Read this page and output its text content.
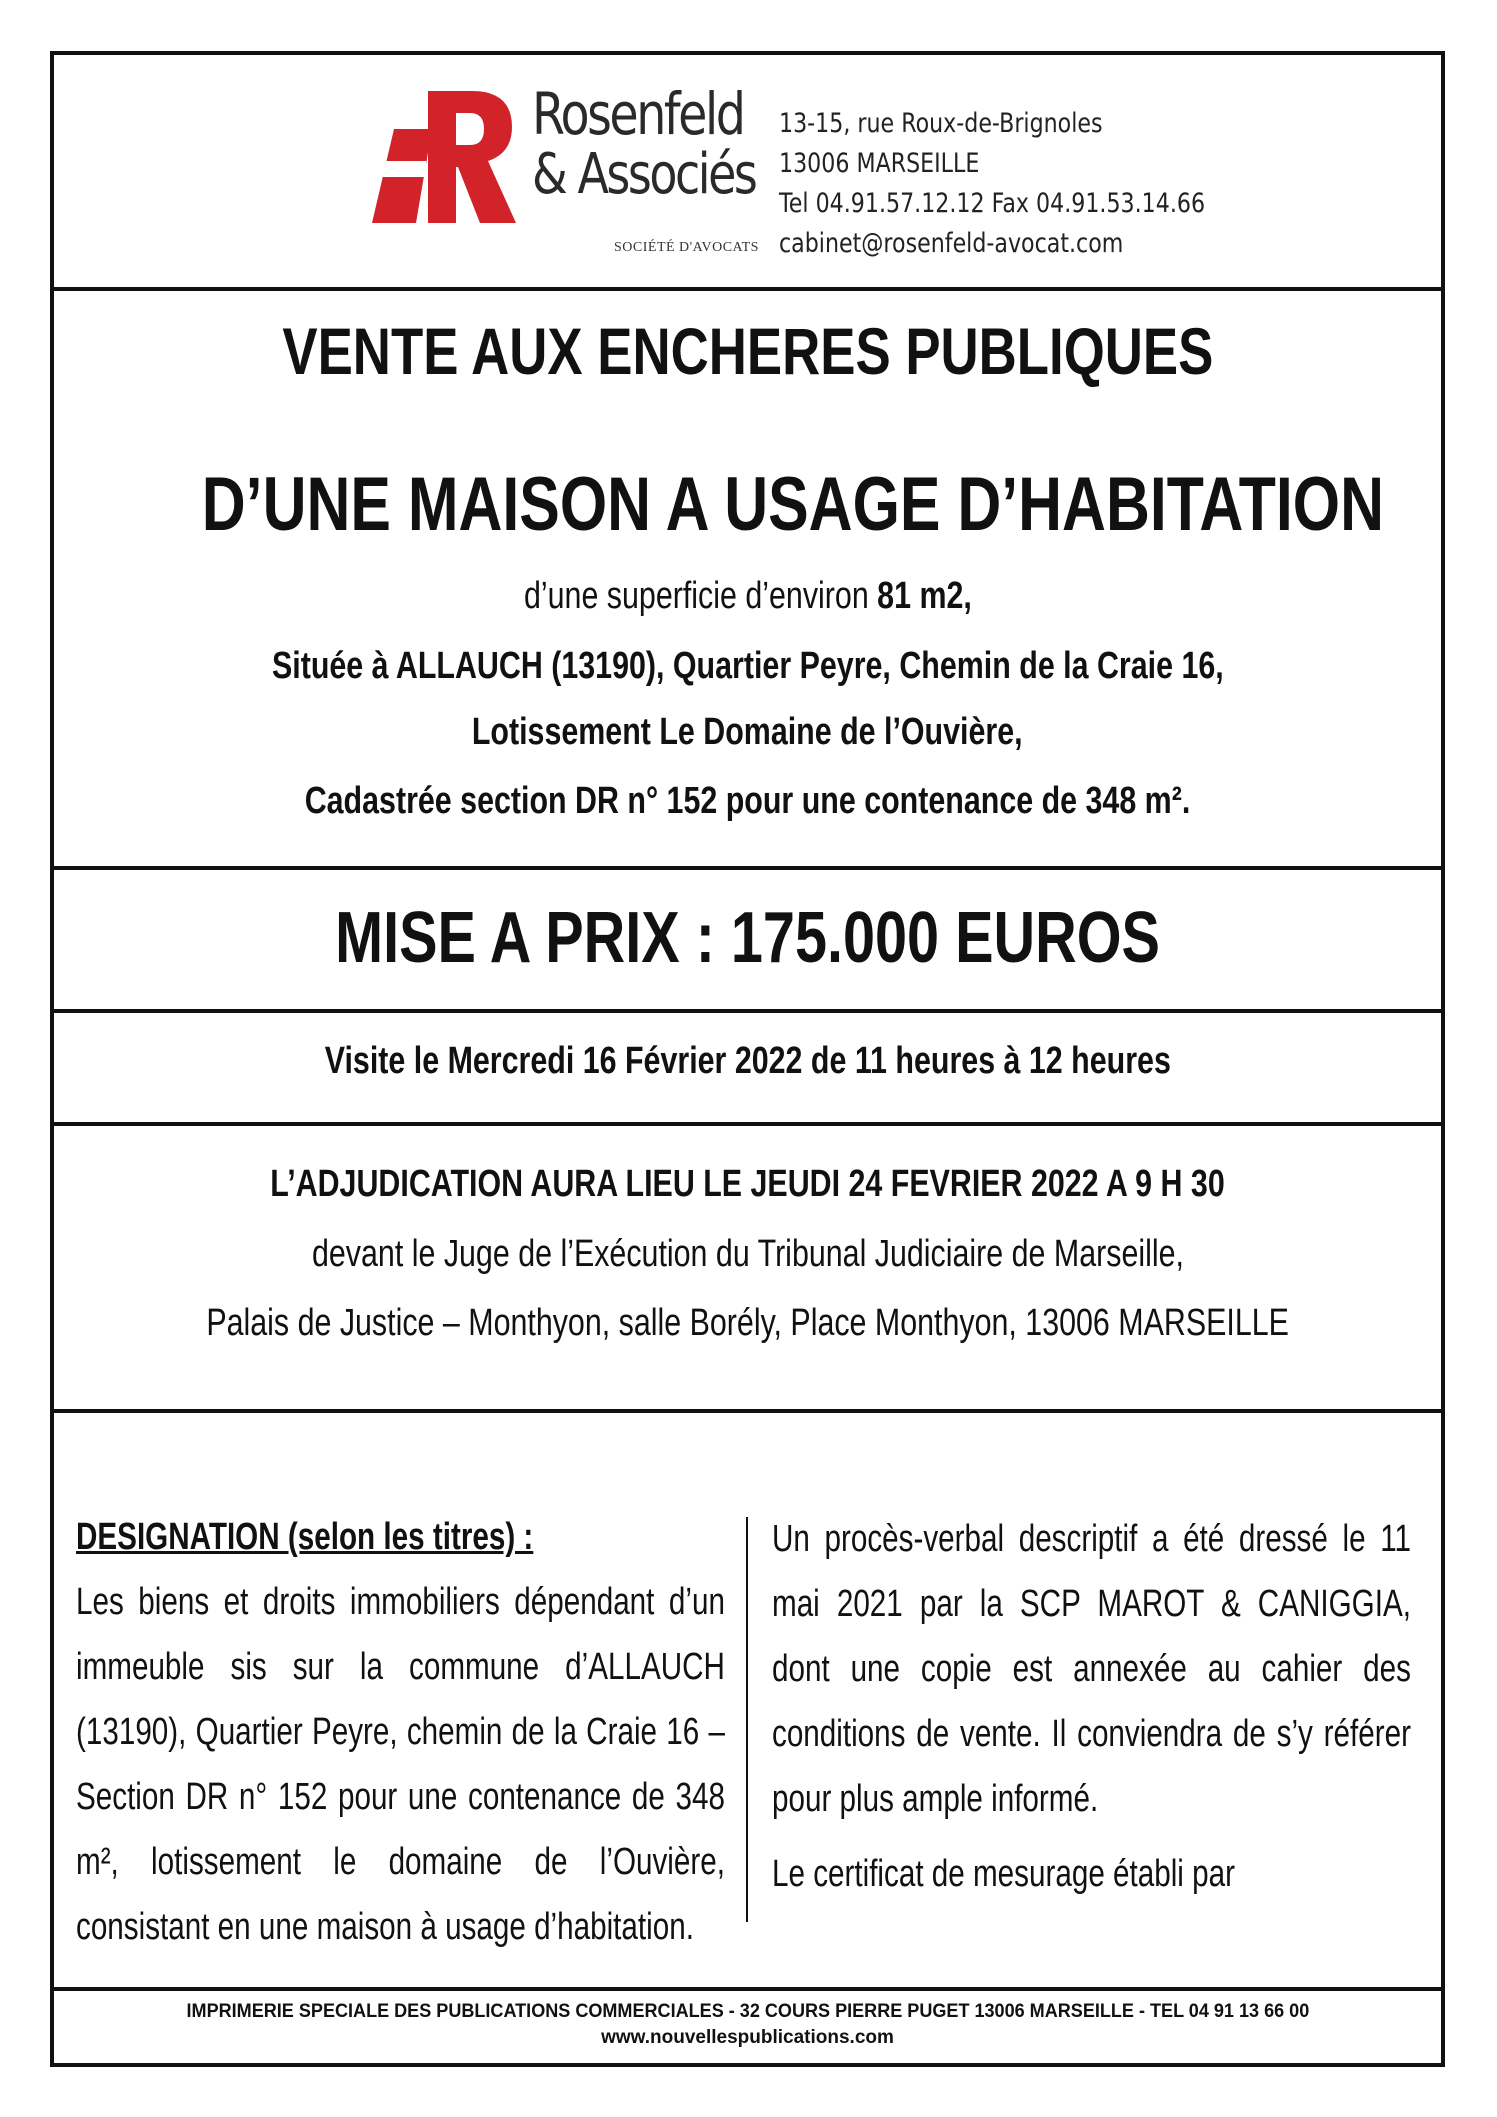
Rosenfeld
& Associés
SOCIÉTÉ D'AVOCATS
13-15, rue Roux-de-Brignoles
13006 MARSEILLE
Tel 04.91.57.12.12 Fax 04.91.53.14.66
cabinet@rosenfeld-avocat.com
VENTE AUX ENCHERES PUBLIQUES
D’UNE MAISON A USAGE D’HABITATION
d’une superficie d’environ 81 m2,
Située à ALLAUCH (13190), Quartier Peyre, Chemin de la Craie 16,
Lotissement Le Domaine de l’Ouvière,
Cadastrée section DR n° 152 pour une contenance de 348 m².
MISE A PRIX : 175.000 EUROS
Visite le Mercredi 16 Février 2022 de 11 heures à 12 heures
L’ADJUDICATION AURA LIEU LE JEUDI 24 FEVRIER 2022 A 9 H 30
devant le Juge de l’Exécution du Tribunal Judiciaire de Marseille,
Palais de Justice – Monthyon, salle Borély, Place Monthyon, 13006 MARSEILLE

DESIGNATION (selon les titres) :

Les biens et droits immobiliers dépendant d’un immeuble sis sur la commune d’ALLAUCH (13190), Quartier Peyre, chemin de la Craie 16 – Section DR n° 152 pour une contenance de 348 m², lotissement le domaine de l’Ouvière, consistant en une maison à usage d’habitation.

Un procès-verbal descriptif a été dressé le 11 mai 2021 par la SCP MAROT & CANIGGIA, dont une copie est annexée au cahier des conditions de vente. Il conviendra de s’y référer pour plus ample informé.

Le certificat de mesurage établi par

IMPRIMERIE SPECIALE DES PUBLICATIONS COMMERCIALES - 32 COURS PIERRE PUGET 13006 MARSEILLE - TEL 04 91 13 66 00
www.nouvellespublications.com
